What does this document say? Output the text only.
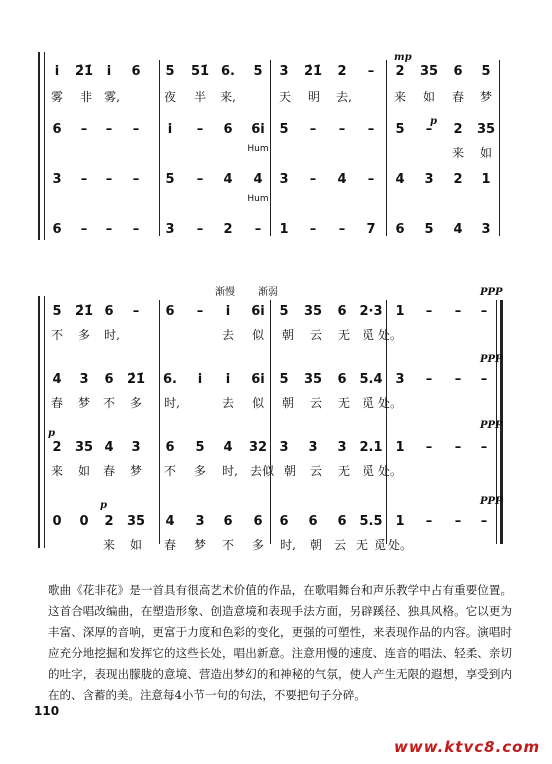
mp
p
i 2̇1̇ i 6 5 51̇ 6. 5 3 2̇1̇ 2 – 2 35 6 5
雾 非 雾,	夜 半 来,	天 明 去,	来 如 春 梦
6 – – – i – 6 6i 5 – – – 5 – 2 35
Hum	来 如
3 – – – 5 – 4 4 3 – 4 – 4 3 2 1
Hum
6 – – – 3 – 2 – 1 – – 7 6 5 4 3
渐慢 渐弱	PPP
5 2̇1̇ 6 – 6 – i 6i 5 35 6 2·3 1 – – –
不 多 时,	去 似 朝 云 无 觅 处。
PPP
4 3 6 2̇1̇ 6. i i 6i 5 35 6 5.4 3 – – –
春 梦 不 多 时,	去 似 朝 云 无 觅 处。
p
PPP
2 35 4 3 6 5 4 32 3 3 3 2.1 1 – – –
来 如 春 梦 不 多 时, 去似 朝 云 无 觅 处。
p	PPP
0 0 2 35 4 3 6 6 6 6 6 5.5 1 – – –
来 如 春 梦 不 多 时, 朝 云 无 觅 处。
歌曲《花非花》是一首具有很高艺术价值的作品，在歌唱舞台和声乐教学中占有重要位置。这首合唱改编曲，在塑造形象、创造意境和表现手法方面，另辟蹊径、独具风格。它以更为丰富、深厚的音响，更富于力度和色彩的变化，更强的可塑性，来表现作品的内容。演唱时应充分地挖掘和发挥它的这些长处，唱出新意。注意用慢的速度、连音的唱法、轻柔、亲切的吐字，表现出朦胧的意境、营造出梦幻的和神秘的气氛，使人产生无限的遐想，享受到内在的、含蓄的美。注意每4小节一句的句法，不要把句子分碎。
110
www.ktvc8.com
